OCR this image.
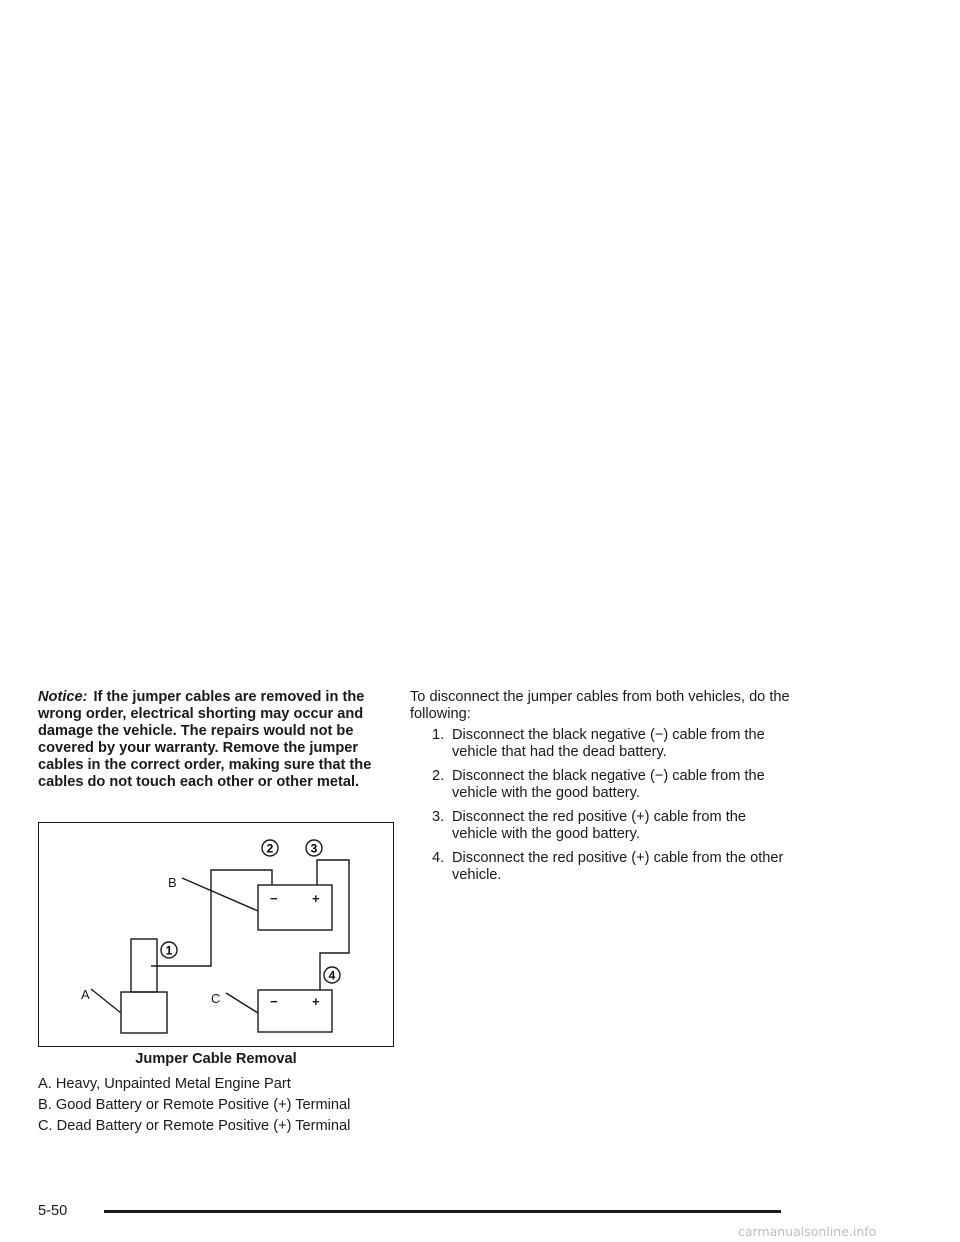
Notice: If the jumper cables are removed in the wrong order, electrical shorting may occur and damage the vehicle. The repairs would not be covered by your warranty. Remove the jumper cables in the correct order, making sure that the cables do not touch each other or other metal.

1
2	3
4
A
B
C
−	+
−	+
Jumper Cable Removal
A. Heavy, Unpainted Metal Engine Part
B. Good Battery or Remote Positive (+) Terminal
C. Dead Battery or Remote Positive (+) Terminal

To disconnect the jumper cables from both vehicles, do the following:

1. Disconnect the black negative (−) cable from the vehicle that had the dead battery.
2. Disconnect the black negative (−) cable from the vehicle with the good battery.
3. Disconnect the red positive (+) cable from the vehicle with the good battery.
4. Disconnect the red positive (+) cable from the other vehicle.
5-50
carmanualsonline.info
